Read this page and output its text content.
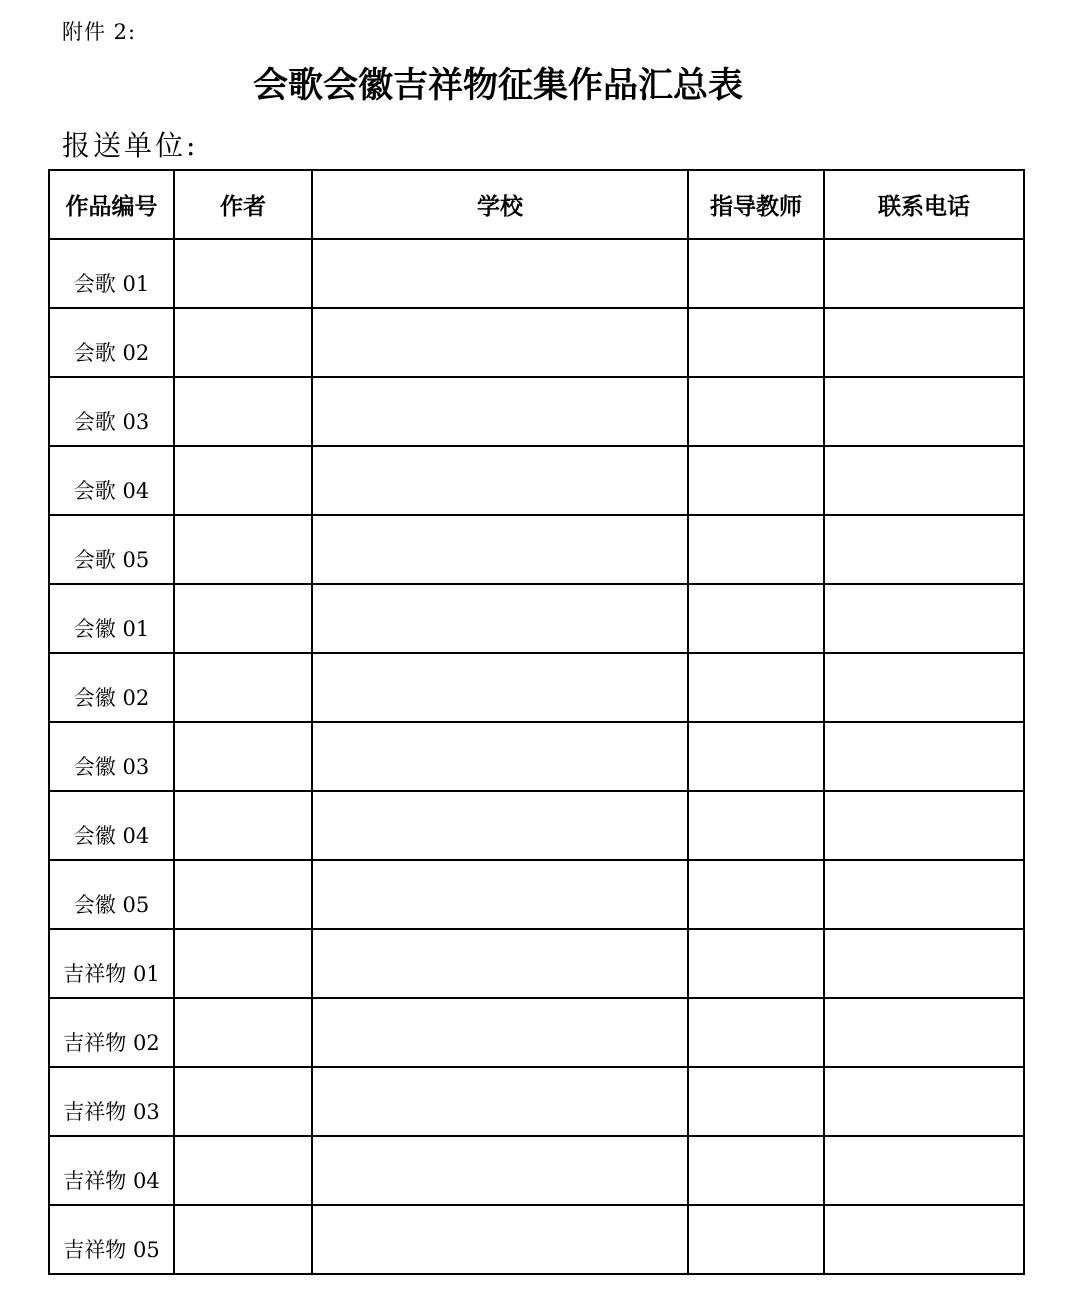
附件 2:
会歌会徽吉祥物征集作品汇总表
报送单位:
作品编号	作者	学校	指导教师	联系电话
会歌 01				
会歌 02				
会歌 03				
会歌 04				
会歌 05				
会徽 01				
会徽 02				
会徽 03				
会徽 04				
会徽 05				
吉祥物 01				
吉祥物 02				
吉祥物 03				
吉祥物 04				
吉祥物 05				
